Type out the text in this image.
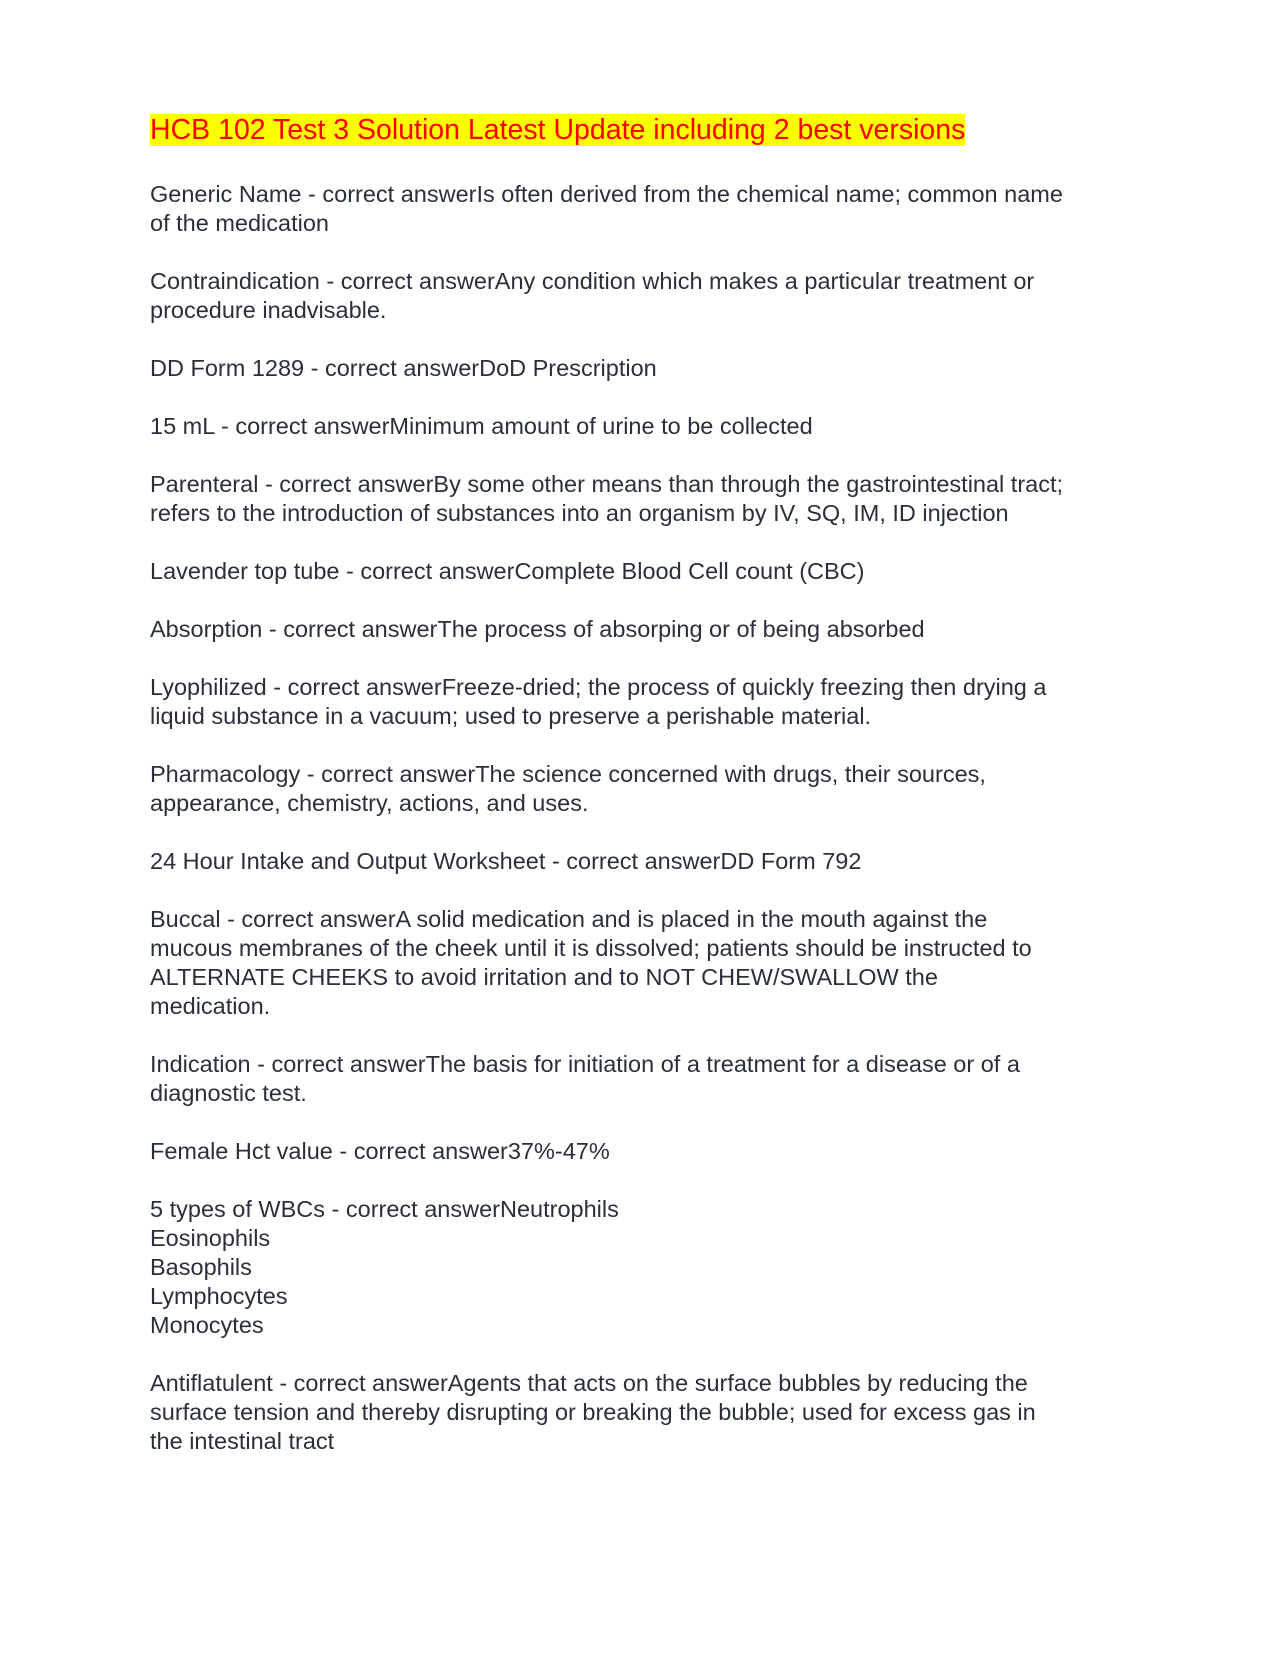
HCB 102 Test 3 Solution Latest Update including 2 best versions
Generic Name - correct answerIs often derived from the chemical name; common name
of the medication
Contraindication - correct answerAny condition which makes a particular treatment or
procedure inadvisable.
DD Form 1289 - correct answerDoD Prescription
15 mL - correct answerMinimum amount of urine to be collected
Parenteral - correct answerBy some other means than through the gastrointestinal tract;
refers to the introduction of substances into an organism by IV, SQ, IM, ID injection
Lavender top tube - correct answerComplete Blood Cell count (CBC)
Absorption - correct answerThe process of absorping or of being absorbed
Lyophilized - correct answerFreeze-dried; the process of quickly freezing then drying a
liquid substance in a vacuum; used to preserve a perishable material.
Pharmacology - correct answerThe science concerned with drugs, their sources,
appearance, chemistry, actions, and uses.
24 Hour Intake and Output Worksheet - correct answerDD Form 792
Buccal - correct answerA solid medication and is placed in the mouth against the
mucous membranes of the cheek until it is dissolved; patients should be instructed to
ALTERNATE CHEEKS to avoid irritation and to NOT CHEW/SWALLOW the
medication.
Indication - correct answerThe basis for initiation of a treatment for a disease or of a
diagnostic test.
Female Hct value - correct answer37%-47%
5 types of WBCs - correct answerNeutrophils
Eosinophils
Basophils
Lymphocytes
Monocytes
Antiflatulent - correct answerAgents that acts on the surface bubbles by reducing the
surface tension and thereby disrupting or breaking the bubble; used for excess gas in
the intestinal tract
